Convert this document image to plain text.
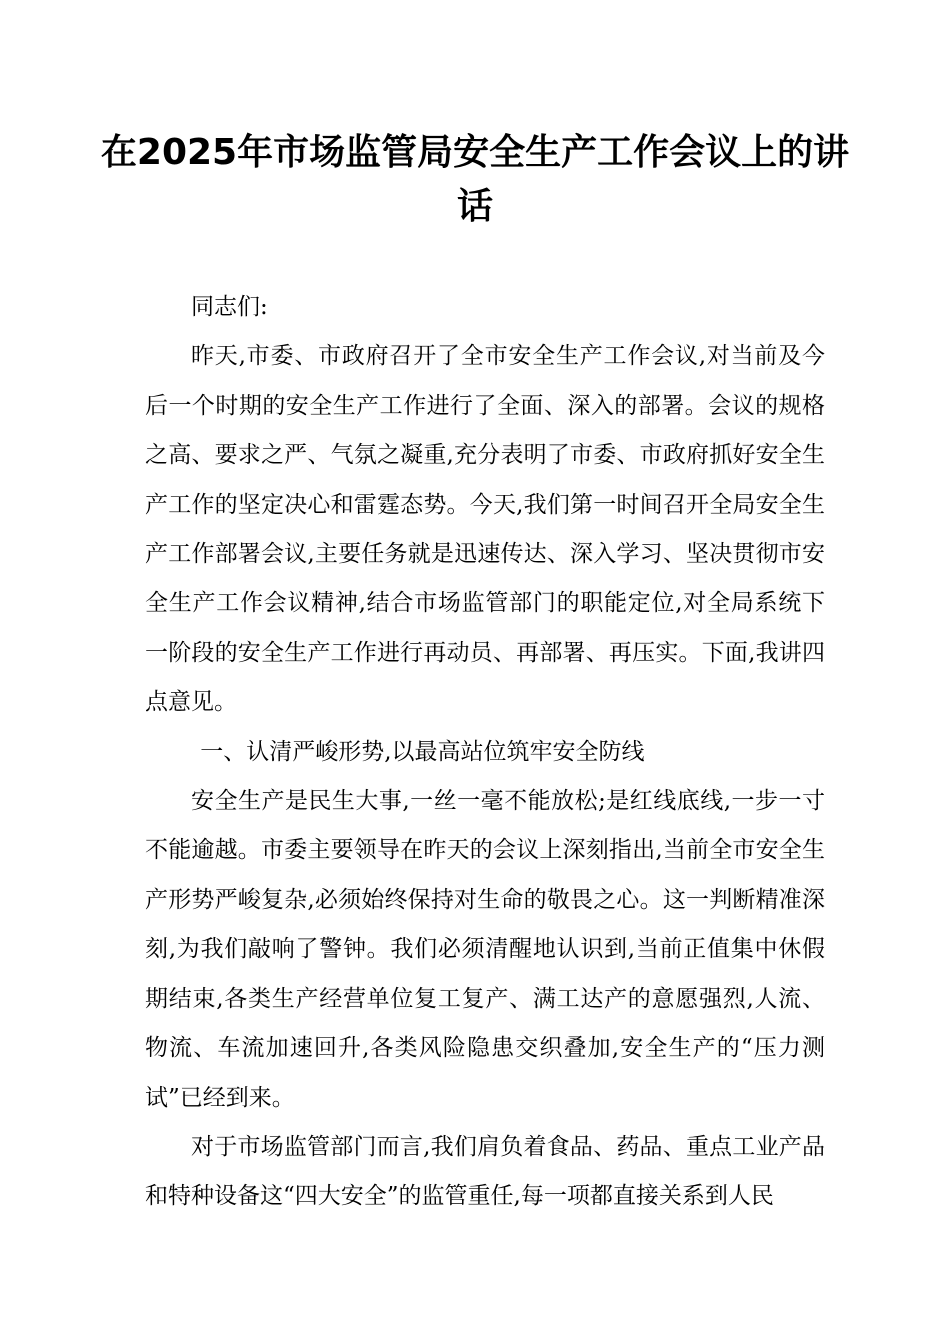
在2025年市场监管局安全生产工作会议上的讲话

同志们:

昨天,市委、市政府召开了全市安全生产工作会议,对当前及今后一个时期的安全生产工作进行了全面、深入的部署。会议的规格之高、要求之严、气氛之凝重,充分表明了市委、市政府抓好安全生产工作的坚定决心和雷霆态势。今天,我们第一时间召开全局安全生产工作部署会议,主要任务就是迅速传达、深入学习、坚决贯彻市安全生产工作会议精神,结合市场监管部门的职能定位,对全局系统下一阶段的安全生产工作进行再动员、再部署、再压实。下面,我讲四点意见。

一、认清严峻形势,以最高站位筑牢安全防线

安全生产是民生大事,一丝一毫不能放松;是红线底线,一步一寸不能逾越。市委主要领导在昨天的会议上深刻指出,当前全市安全生产形势严峻复杂,必须始终保持对生命的敬畏之心。这一判断精准深刻,为我们敲响了警钟。我们必须清醒地认识到,当前正值集中休假期结束,各类生产经营单位复工复产、满工达产的意愿强烈,人流、物流、车流加速回升,各类风险隐患交织叠加,安全生产的“压力测试”已经到来。

对于市场监管部门而言,我们肩负着食品、药品、重点工业产品和特种设备这“四大安全”的监管重任,每一项都直接关系到人民
